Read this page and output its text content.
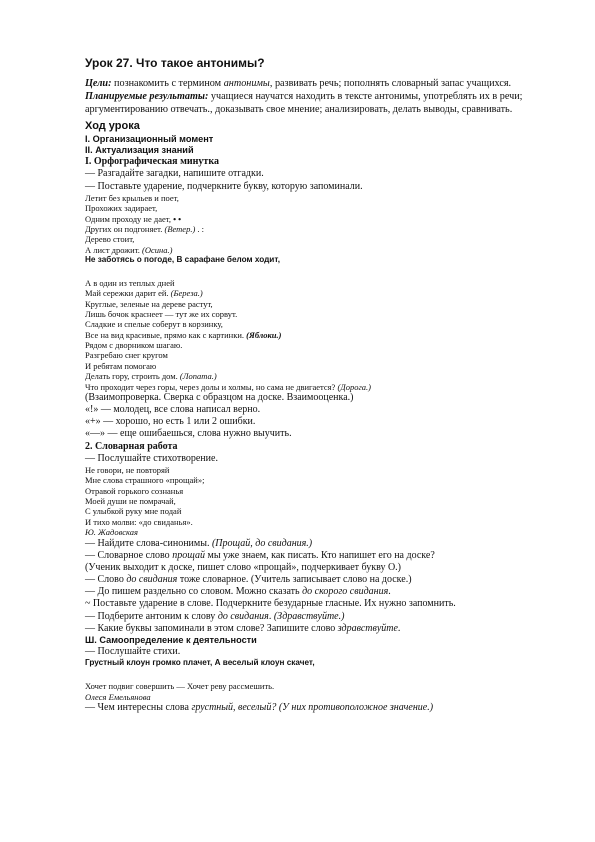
Урок 27. Что такое антонимы?
Цели: познакомить с термином антонимы, развивать речь; пополнять словарный запас учащихся.
Планируемые результаты: учащиеся научатся находить в тексте антонимы, употреблять их в речи; аргументированию отвечать., доказывать свое мнение; анализировать, делать выводы, сравнивать.
Ход урока
I. Организационный момент
II. Актуализация знаний
I. Орфографическая минутка
— Разгадайте загадки, напишите отгадки.
— Поставьте ударение, подчеркните букву, которую запоминали.
Летит без крыльев и поет,
Прохожих задирает,
Одним проходу не дает, • •
Других он подгоняет. (Ветер.) . :
Дерево стоит,
А лист дрожит. (Осина.)
Не заботясь о погоде, В сарафане белом ходит,
А в один из теплых дней
Май сережки дарит ей. (Береза.)
Круглые, зеленые на дереве растут,
Лишь бочок краснеет — тут же их сорвут.
Сладкие и спелые соберут в корзинку,
Все на вид красивые, прямо как с картинки. (Яблоки.)
Рядом с дворником шагаю.
Разгребаю снег кругом
И ребятам помогаю
Делать гору, строить дом. (Лопата.)
Что проходит через горы, через долы и холмы, но сама не двигается? (Дорога.)
(Взаимопроверка. Сверка с образцом на доске. Взаимооценка.)
«!» — молодец, все слова написал верно.
«+» — хорошо, но есть 1 или 2 ошибки.
«—» — еще ошибаешься, слова нужно выучить.
2. Словарная работа
— Послушайте стихотворение.
Не говори, не повторяй
Мне слова страшного «прощай»;
Отравой горького сознанья
Моей души не помрачай,
С улыбкой руку мне подай
И тихо молви: «до свиданья».
Ю. Жадовская
— Найдите слова-синонимы. (Прощай, до свидания.)
— Словарное слово прощай мы уже знаем, как писать. Кто напишет его на доске?
(Ученик выходит к доске, пишет слово «прощай», подчеркивает букву О.)
— Слово до свидания тоже словарное. (Учитель записывает слово на доске.)
— До пишем раздельно со словом. Можно сказать до скорого свидания.
~ Поставьте ударение в слове. Подчеркните безударные гласные. Их нужно запомнить.
— Подберите антоним к слову до свидания. (Здравствуйте.)
— Какие буквы запоминали в этом слове? Запишите слово здравствуйте.
Ш. Самоопределение к деятельности
— Послушайте стихи.
Грустный клоун громко плачет, А веселый клоун скачет,
Хочет подвиг совершить — Хочет реву рассмешить.
Олеся Емельянова
— Чем интересны слова грустный, веселый? (У них противоположное значение.)
